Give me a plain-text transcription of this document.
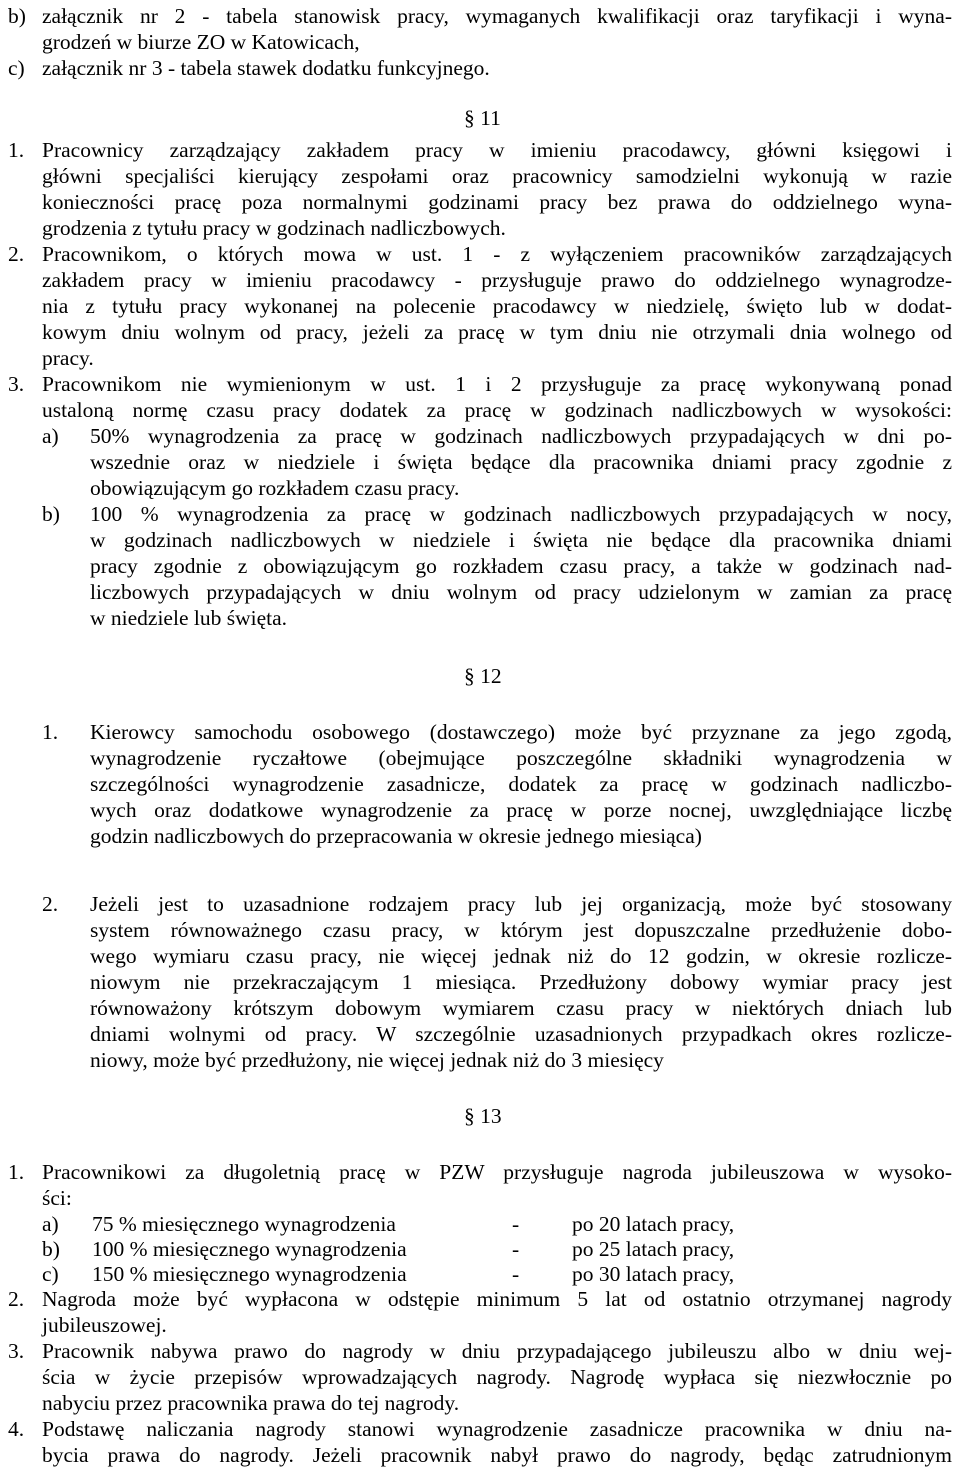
b) załącznik nr 2 - tabela stanowisk pracy, wymaganych kwalifikacji oraz taryfikacji i wyna-
grodzeń w biurze ZO w Katowicach,
c) załącznik nr 3 - tabela stawek dodatku funkcyjnego.
§ 11
1. Pracownicy zarządzający zakładem pracy w imieniu pracodawcy, główni księgowi i
główni specjaliści kierujący zespołami oraz pracownicy samodzielni wykonują w razie
konieczności pracę poza normalnymi godzinami pracy bez prawa do oddzielnego wyna-
grodzenia z tytułu pracy w godzinach nadliczbowych.
2. Pracownikom, o których mowa w ust. 1 - z wyłączeniem pracowników zarządzających
zakładem pracy w imieniu pracodawcy - przysługuje prawo do oddzielnego wynagrodze-
nia z tytułu pracy wykonanej na polecenie pracodawcy w niedzielę, święto lub w dodat-
kowym dniu wolnym od pracy, jeżeli za pracę w tym dniu nie otrzymali dnia wolnego od
pracy.
3. Pracownikom nie wymienionym w ust. 1 i 2 przysługuje za pracę wykonywaną ponad
ustaloną normę czasu pracy dodatek za pracę w godzinach nadliczbowych w wysokości:
a) 50% wynagrodzenia za pracę w godzinach nadliczbowych przypadających w dni po-
wszednie oraz w niedziele i święta będące dla pracownika dniami pracy zgodnie z
obowiązującym go rozkładem czasu pracy.
b) 100 % wynagrodzenia za pracę w godzinach nadliczbowych przypadających w nocy,
w godzinach nadliczbowych w niedziele i święta nie będące dla pracownika dniami
pracy zgodnie z obowiązującym go rozkładem czasu pracy, a także w godzinach nad-
liczbowych przypadających w dniu wolnym od pracy udzielonym w zamian za pracę
w niedziele lub święta.
§ 12
1. Kierowcy samochodu osobowego (dostawczego) może być przyznane za jego zgodą,
wynagrodzenie ryczałtowe (obejmujące poszczególne składniki wynagrodzenia w
szczególności wynagrodzenie zasadnicze, dodatek za pracę w godzinach nadliczbo-
wych oraz dodatkowe wynagrodzenie za pracę w porze nocnej, uwzględniające liczbę
godzin nadliczbowych do przepracowania w okresie jednego miesiąca)
2. Jeżeli jest to uzasadnione rodzajem pracy lub jej organizacją, może być stosowany
system równoważnego czasu pracy, w którym jest dopuszczalne przedłużenie dobo-
wego wymiaru czasu pracy, nie więcej jednak niż do 12 godzin, w okresie rozlicze-
niowym nie przekraczającym 1 miesiąca. Przedłużony dobowy wymiar pracy jest
równoważony krótszym dobowym wymiarem czasu pracy w niektórych dniach lub
dniami wolnymi od pracy. W szczególnie uzasadnionych przypadkach okres rozlicze-
niowy, może być przedłużony, nie więcej jednak niż do 3 miesięcy
§ 13
1. Pracownikowi za długoletnią pracę w PZW przysługuje nagroda jubileuszowa w wysoko-
ści:
a) 75 % miesięcznego wynagrodzenia	- po 20 latach pracy,
b) 100 % miesięcznego wynagrodzenia	- po 25 latach pracy,
c) 150 % miesięcznego wynagrodzenia	- po 30 latach pracy,
2. Nagroda może być wypłacona w odstępie minimum 5 lat od ostatnio otrzymanej nagrody
jubileuszowej.
3. Pracownik nabywa prawo do nagrody w dniu przypadającego jubileuszu albo w dniu wej-
ścia w życie przepisów wprowadzających nagrody. Nagrodę wypłaca się niezwłocznie po
nabyciu przez pracownika prawa do tej nagrody.
4. Podstawę naliczania nagrody stanowi wynagrodzenie zasadnicze pracownika w dniu na-
bycia prawa do nagrody. Jeżeli pracownik nabył prawo do nagrody, będąc zatrudnionym
